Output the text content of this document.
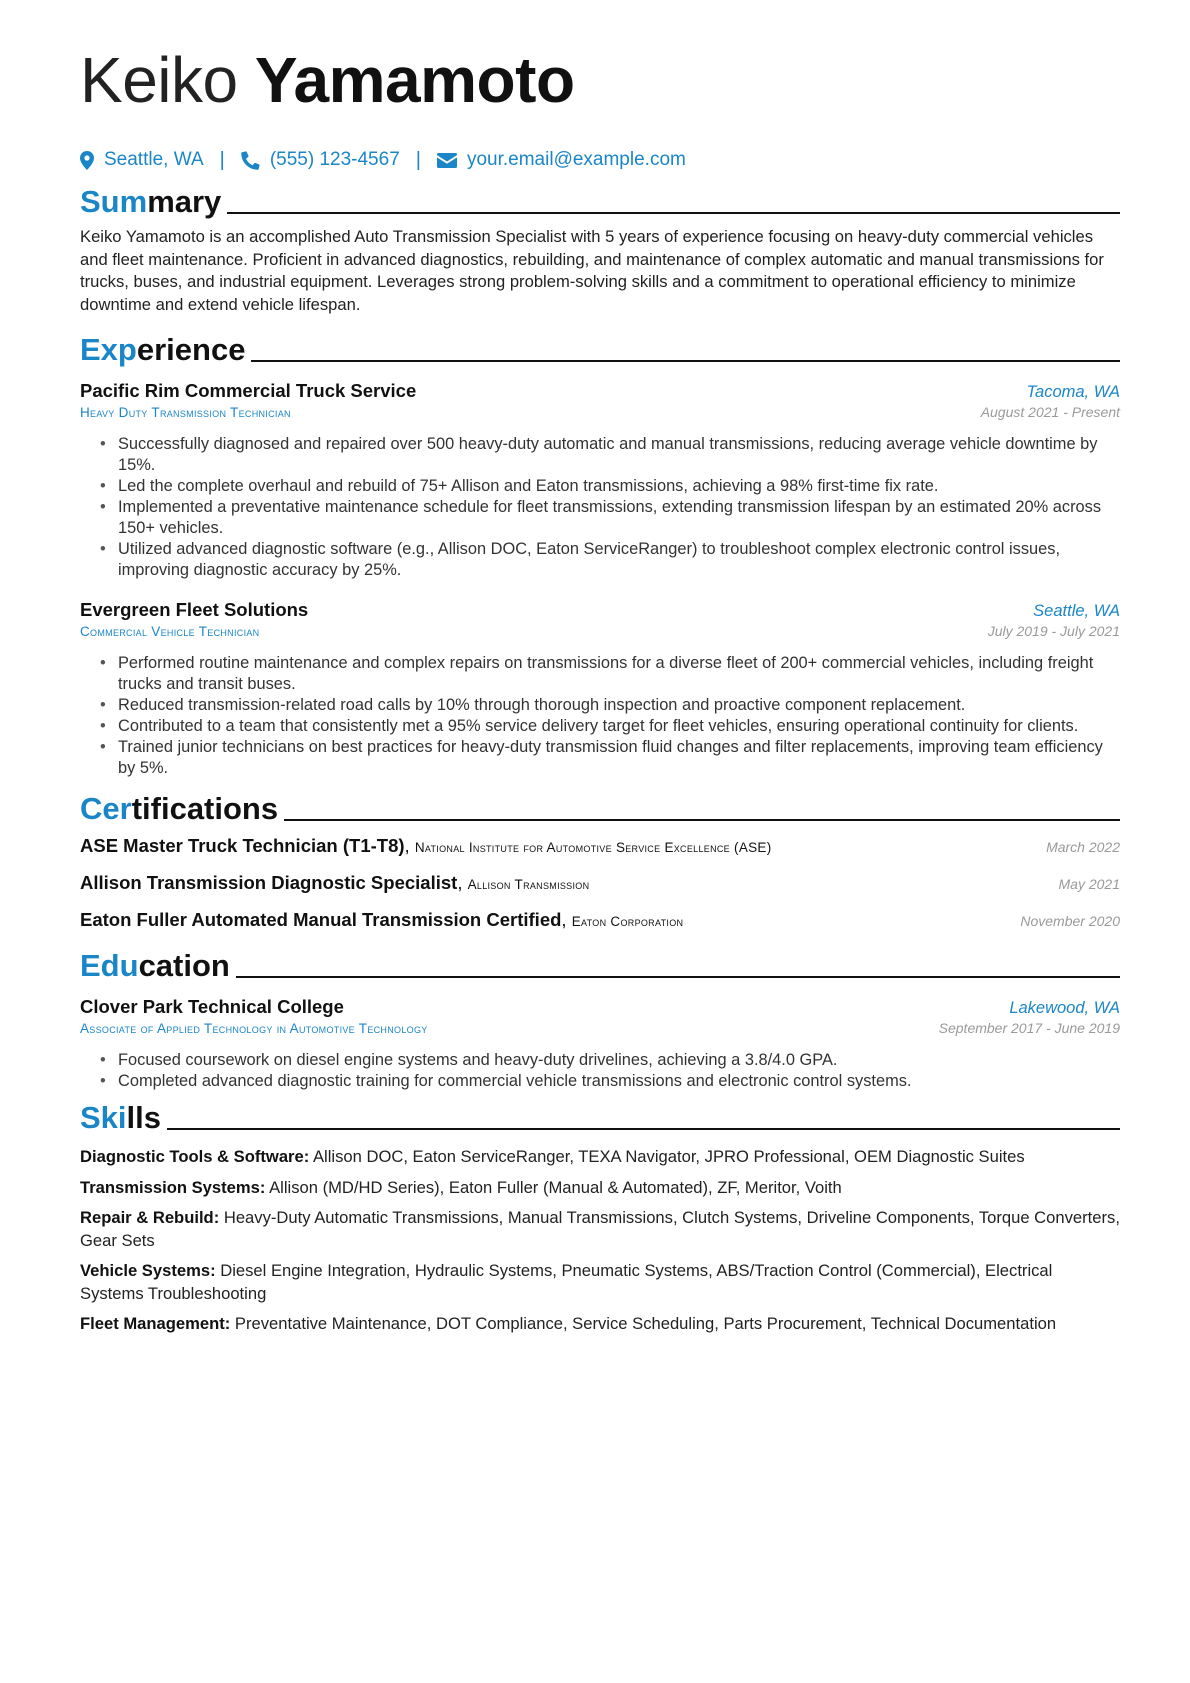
Keiko Yamamoto
Seattle, WA | (555) 123-4567 | your.email@example.com
Summary
Keiko Yamamoto is an accomplished Auto Transmission Specialist with 5 years of experience focusing on heavy-duty commercial vehicles and fleet maintenance. Proficient in advanced diagnostics, rebuilding, and maintenance of complex automatic and manual transmissions for trucks, buses, and industrial equipment. Leverages strong problem-solving skills and a commitment to operational efficiency to minimize downtime and extend vehicle lifespan.
Experience
Pacific Rim Commercial Truck Service	Tacoma, WA
Heavy Duty Transmission Technician	August 2021 - Present
• Successfully diagnosed and repaired over 500 heavy-duty automatic and manual transmissions, reducing average vehicle downtime by 15%.
• Led the complete overhaul and rebuild of 75+ Allison and Eaton transmissions, achieving a 98% first-time fix rate.
• Implemented a preventative maintenance schedule for fleet transmissions, extending transmission lifespan by an estimated 20% across 150+ vehicles.
• Utilized advanced diagnostic software (e.g., Allison DOC, Eaton ServiceRanger) to troubleshoot complex electronic control issues, improving diagnostic accuracy by 25%.
Evergreen Fleet Solutions	Seattle, WA
Commercial Vehicle Technician	July 2019 - July 2021
• Performed routine maintenance and complex repairs on transmissions for a diverse fleet of 200+ commercial vehicles, including freight trucks and transit buses.
• Reduced transmission-related road calls by 10% through thorough inspection and proactive component replacement.
• Contributed to a team that consistently met a 95% service delivery target for fleet vehicles, ensuring operational continuity for clients.
• Trained junior technicians on best practices for heavy-duty transmission fluid changes and filter replacements, improving team efficiency by 5%.
Certifications
ASE Master Truck Technician (T1-T8), National Institute for Automotive Service Excellence (ASE)	March 2022
Allison Transmission Diagnostic Specialist, Allison Transmission	May 2021
Eaton Fuller Automated Manual Transmission Certified, Eaton Corporation	November 2020
Education
Clover Park Technical College	Lakewood, WA
Associate of Applied Technology in Automotive Technology	September 2017 - June 2019
• Focused coursework on diesel engine systems and heavy-duty drivelines, achieving a 3.8/4.0 GPA.
• Completed advanced diagnostic training for commercial vehicle transmissions and electronic control systems.
Skills
Diagnostic Tools & Software: Allison DOC, Eaton ServiceRanger, TEXA Navigator, JPRO Professional, OEM Diagnostic Suites
Transmission Systems: Allison (MD/HD Series), Eaton Fuller (Manual & Automated), ZF, Meritor, Voith
Repair & Rebuild: Heavy-Duty Automatic Transmissions, Manual Transmissions, Clutch Systems, Driveline Components, Torque Converters, Gear Sets
Vehicle Systems: Diesel Engine Integration, Hydraulic Systems, Pneumatic Systems, ABS/Traction Control (Commercial), Electrical Systems Troubleshooting
Fleet Management: Preventative Maintenance, DOT Compliance, Service Scheduling, Parts Procurement, Technical Documentation
